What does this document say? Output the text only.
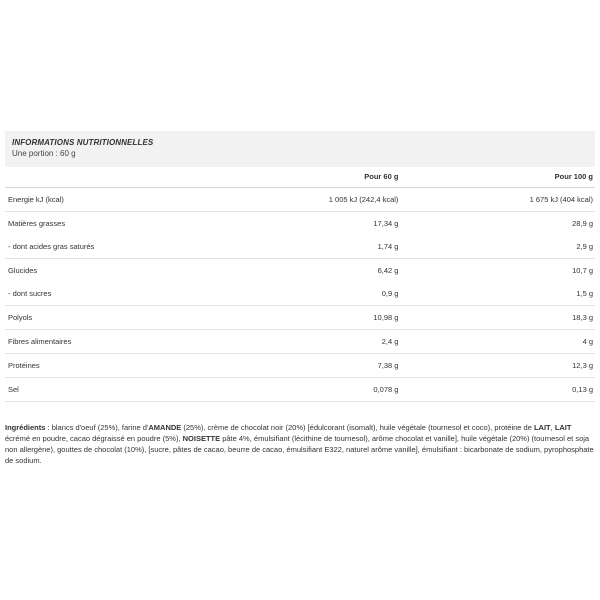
INFORMATIONS NUTRITIONNELLES
Une portion : 60 g
	Pour 60 g	Pour 100 g
Energie kJ (kcal)	1 005 kJ (242,4 kcal)	1 675 kJ (404 kcal)
Matières grasses	17,34 g	28,9 g
- dont acides gras saturés	1,74 g	2,9 g
Glucides	6,42 g	10,7 g
- dont sucres	0,9 g	1,5 g
Polyols	10,98 g	18,3 g
Fibres alimentaires	2,4 g	4 g
Protéines	7,38 g	12,3 g
Sel	0,078 g	0,13 g
Ingrédients : blancs d'oeuf (25%), farine d'AMANDE (25%), crème de chocolat noir (20%) [édulcorant (isomalt), huile végétale (tournesol et coco), protéine de LAIT, LAIT écrémé en poudre, cacao dégraissé en poudre (5%), NOISETTE pâte 4%, émulsifiant (lécithine de tournesol), arôme chocolat et vanille], huile végétale (20%) (tournesol et soja non allergène), gouttes de chocolat (10%), [sucre, pâtes de cacao, beurre de cacao, émulsifiant E322, naturel arôme vanille], émulsifiant : bicarbonate de sodium, pyrophosphate de sodium.
